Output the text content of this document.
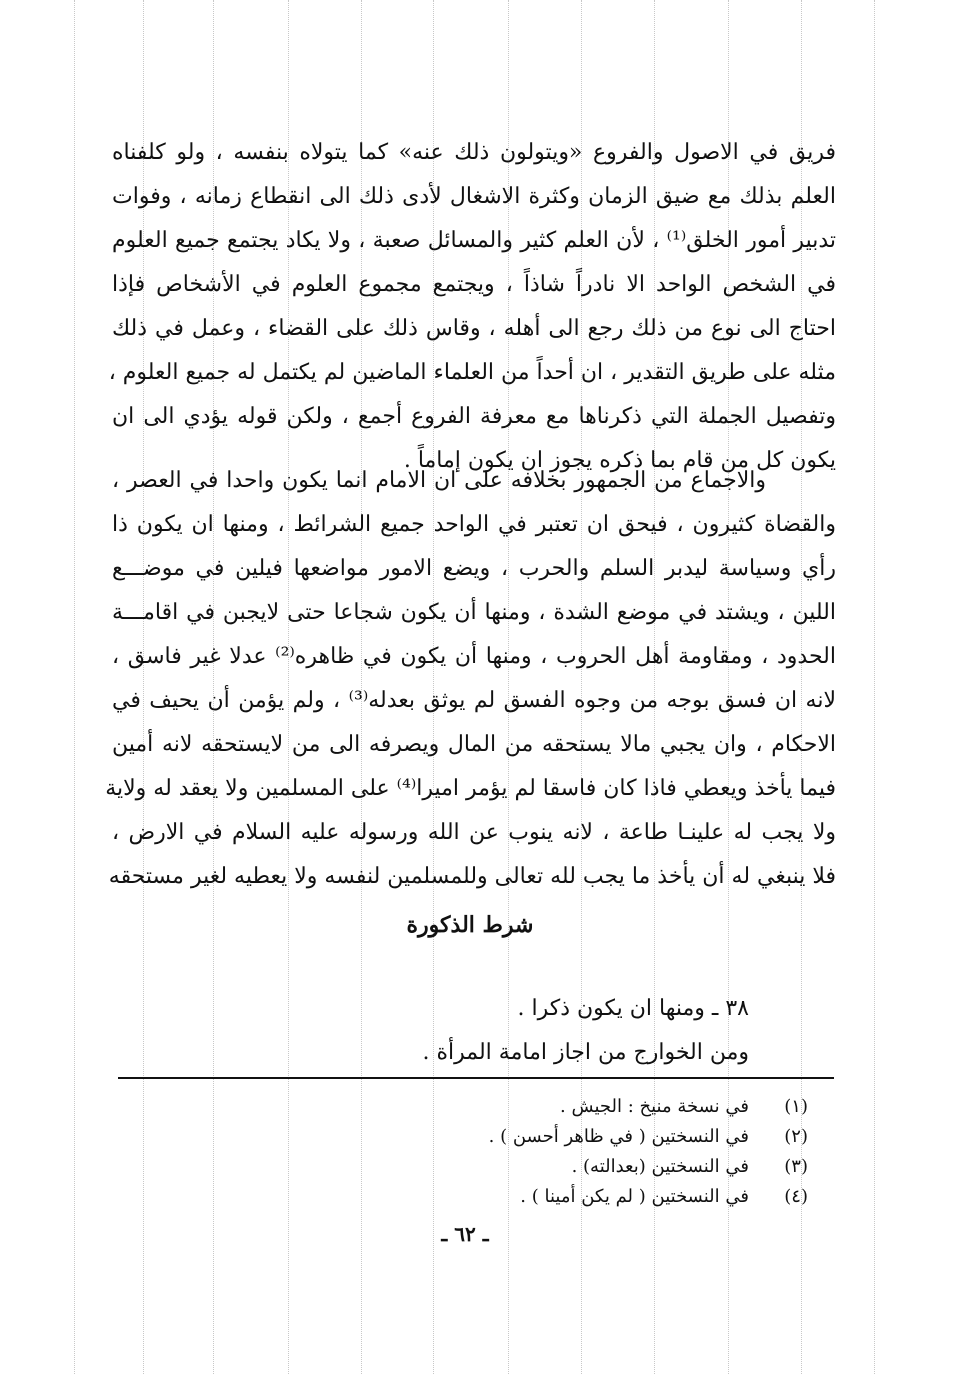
فريق في الاصول والفروع «ويتولون ذلك عنه» كما يتولاه بنفسه ، ولو كلفناه
العلم بذلك مع ضيق الزمان وكثرة الاشغال لأدى ذلك الى انقطاع زمانه ، وفوات
تدبير أمور الخلق⁽¹⁾ ، لأن العلم كثير والمسائل صعبة ، ولا يكاد يجتمع جميع العلوم
في الشخص الواحد الا نادراً شاذاً ، ويجتمع مجموع العلوم في الأشخاص فإذا
احتاج الى نوع من ذلك رجع الى أهله ، وقاس ذلك على القضاء ، وعمل في ذلك
مثله على طريق التقدير ، ان أحداً من العلماء الماضين لم يكتمل له جميع العلوم ،
وتفصيل الجملة التي ذكرناها مع معرفة الفروع أجمع ، ولكن قوله يؤدي الى ان
يكون كل من قام بما ذكره يجوز ان يكون إماماً .
والاجماع من الجمهور بخلافه على ان الامام انما يكون واحدا في العصر ،
والقضاة كثيرون ، فيحق ان تعتبر في الواحد جميع الشرائط ، ومنها ان يكون ذا
رأي وسياسة ليدبر السلم والحرب ، ويضع الامور مواضعها فيلين في موضـــع
اللين ، ويشتد في موضع الشدة ، ومنها أن يكون شجاعا حتى لايجبن في اقامـــة
الحدود ، ومقاومة أهل الحروب ، ومنها أن يكون في ظاهره⁽²⁾ عدلا غير فاسق ،
لانه ان فسق بوجه من وجوه الفسق لم يوثق بعدله⁽³⁾ ، ولم يؤمن أن يحيف في
الاحكام ، وان يجبي مالا يستحقه من المال ويصرفه الى من لايستحقه لانه أمين
فيما يأخذ ويعطي فاذا كان فاسقا لم يؤمر اميرا⁽⁴⁾ على المسلمين ولا يعقد له ولاية
ولا يجب له علينـا طاعة ، لانه ينوب عن الله ورسوله عليه السلام في الارض ،
فلا ينبغي له أن يأخذ ما يجب لله تعالى وللمسلمين لنفسه ولا يعطيه لغير مستحقه
شرط الذكورة
٣٨ ـ ومنها ان يكون ذكرا .
ومن الخوارج من اجاز امامة المرأة .
(١)
في نسخة منيخ : الجيش .
(٢)
في النسختين ( في ظاهر أحسن ) .
(٣)
في النسختين (بعدالته) .
(٤)
في النسختين ( لم يكن أمينا ) .
ـ ٦٢ ـ
